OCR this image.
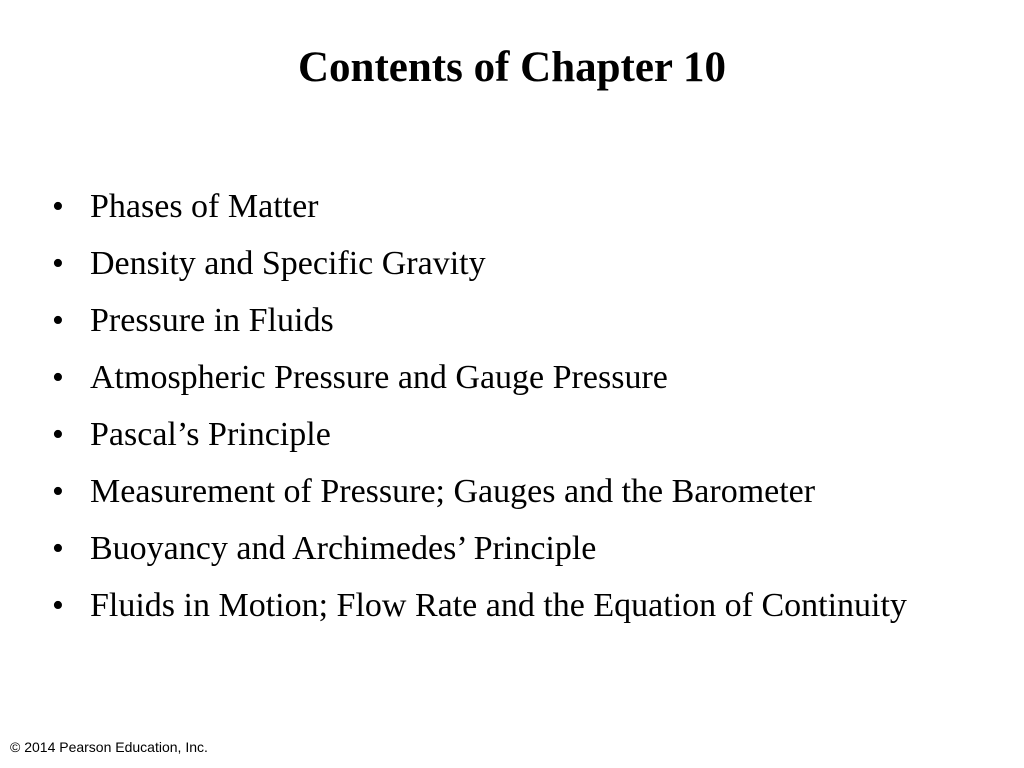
Contents of Chapter 10
• Phases of Matter
• Density and Specific Gravity
• Pressure in Fluids
• Atmospheric Pressure and Gauge Pressure
• Pascal’s Principle
• Measurement of Pressure; Gauges and the Barometer
• Buoyancy and Archimedes’ Principle
• Fluids in Motion; Flow Rate and the Equation of Continuity
© 2014 Pearson Education, Inc.
